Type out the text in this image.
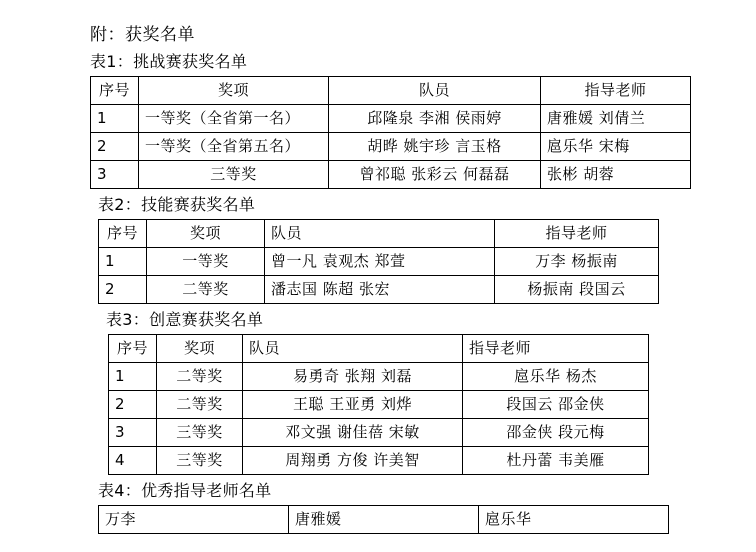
附：获奖名单

表1：挑战赛获奖名单

序号	奖项	队员	指导老师
1	一等奖（全省第一名）	邱隆泉 李湘 侯雨婷	唐雅媛 刘倩兰
2	一等奖（全省第五名）	胡晔 姚宇珍 言玉格	扈乐华 宋梅
3	三等奖	曾祁聪 张彩云 何磊磊	张彬 胡蓉

表2：技能赛获奖名单

序号	奖项	队员	指导老师
1	一等奖	曾一凡 袁观杰 郑萱	万李 杨振南
2	二等奖	潘志国 陈超 张宏	杨振南 段国云

表3：创意赛获奖名单

序号	奖项	队员	指导老师
1	二等奖	易勇奇 张翔 刘磊	扈乐华 杨杰
2	二等奖	王聪 王亚勇 刘烨	段国云 邵金侠
3	三等奖	邓文强 谢佳蓓 宋敏	邵金侠 段元梅
4	三等奖	周翔勇 方俊 许美智	杜丹蕾 韦美雁

表4：优秀指导老师名单

万李	唐雅媛	扈乐华
